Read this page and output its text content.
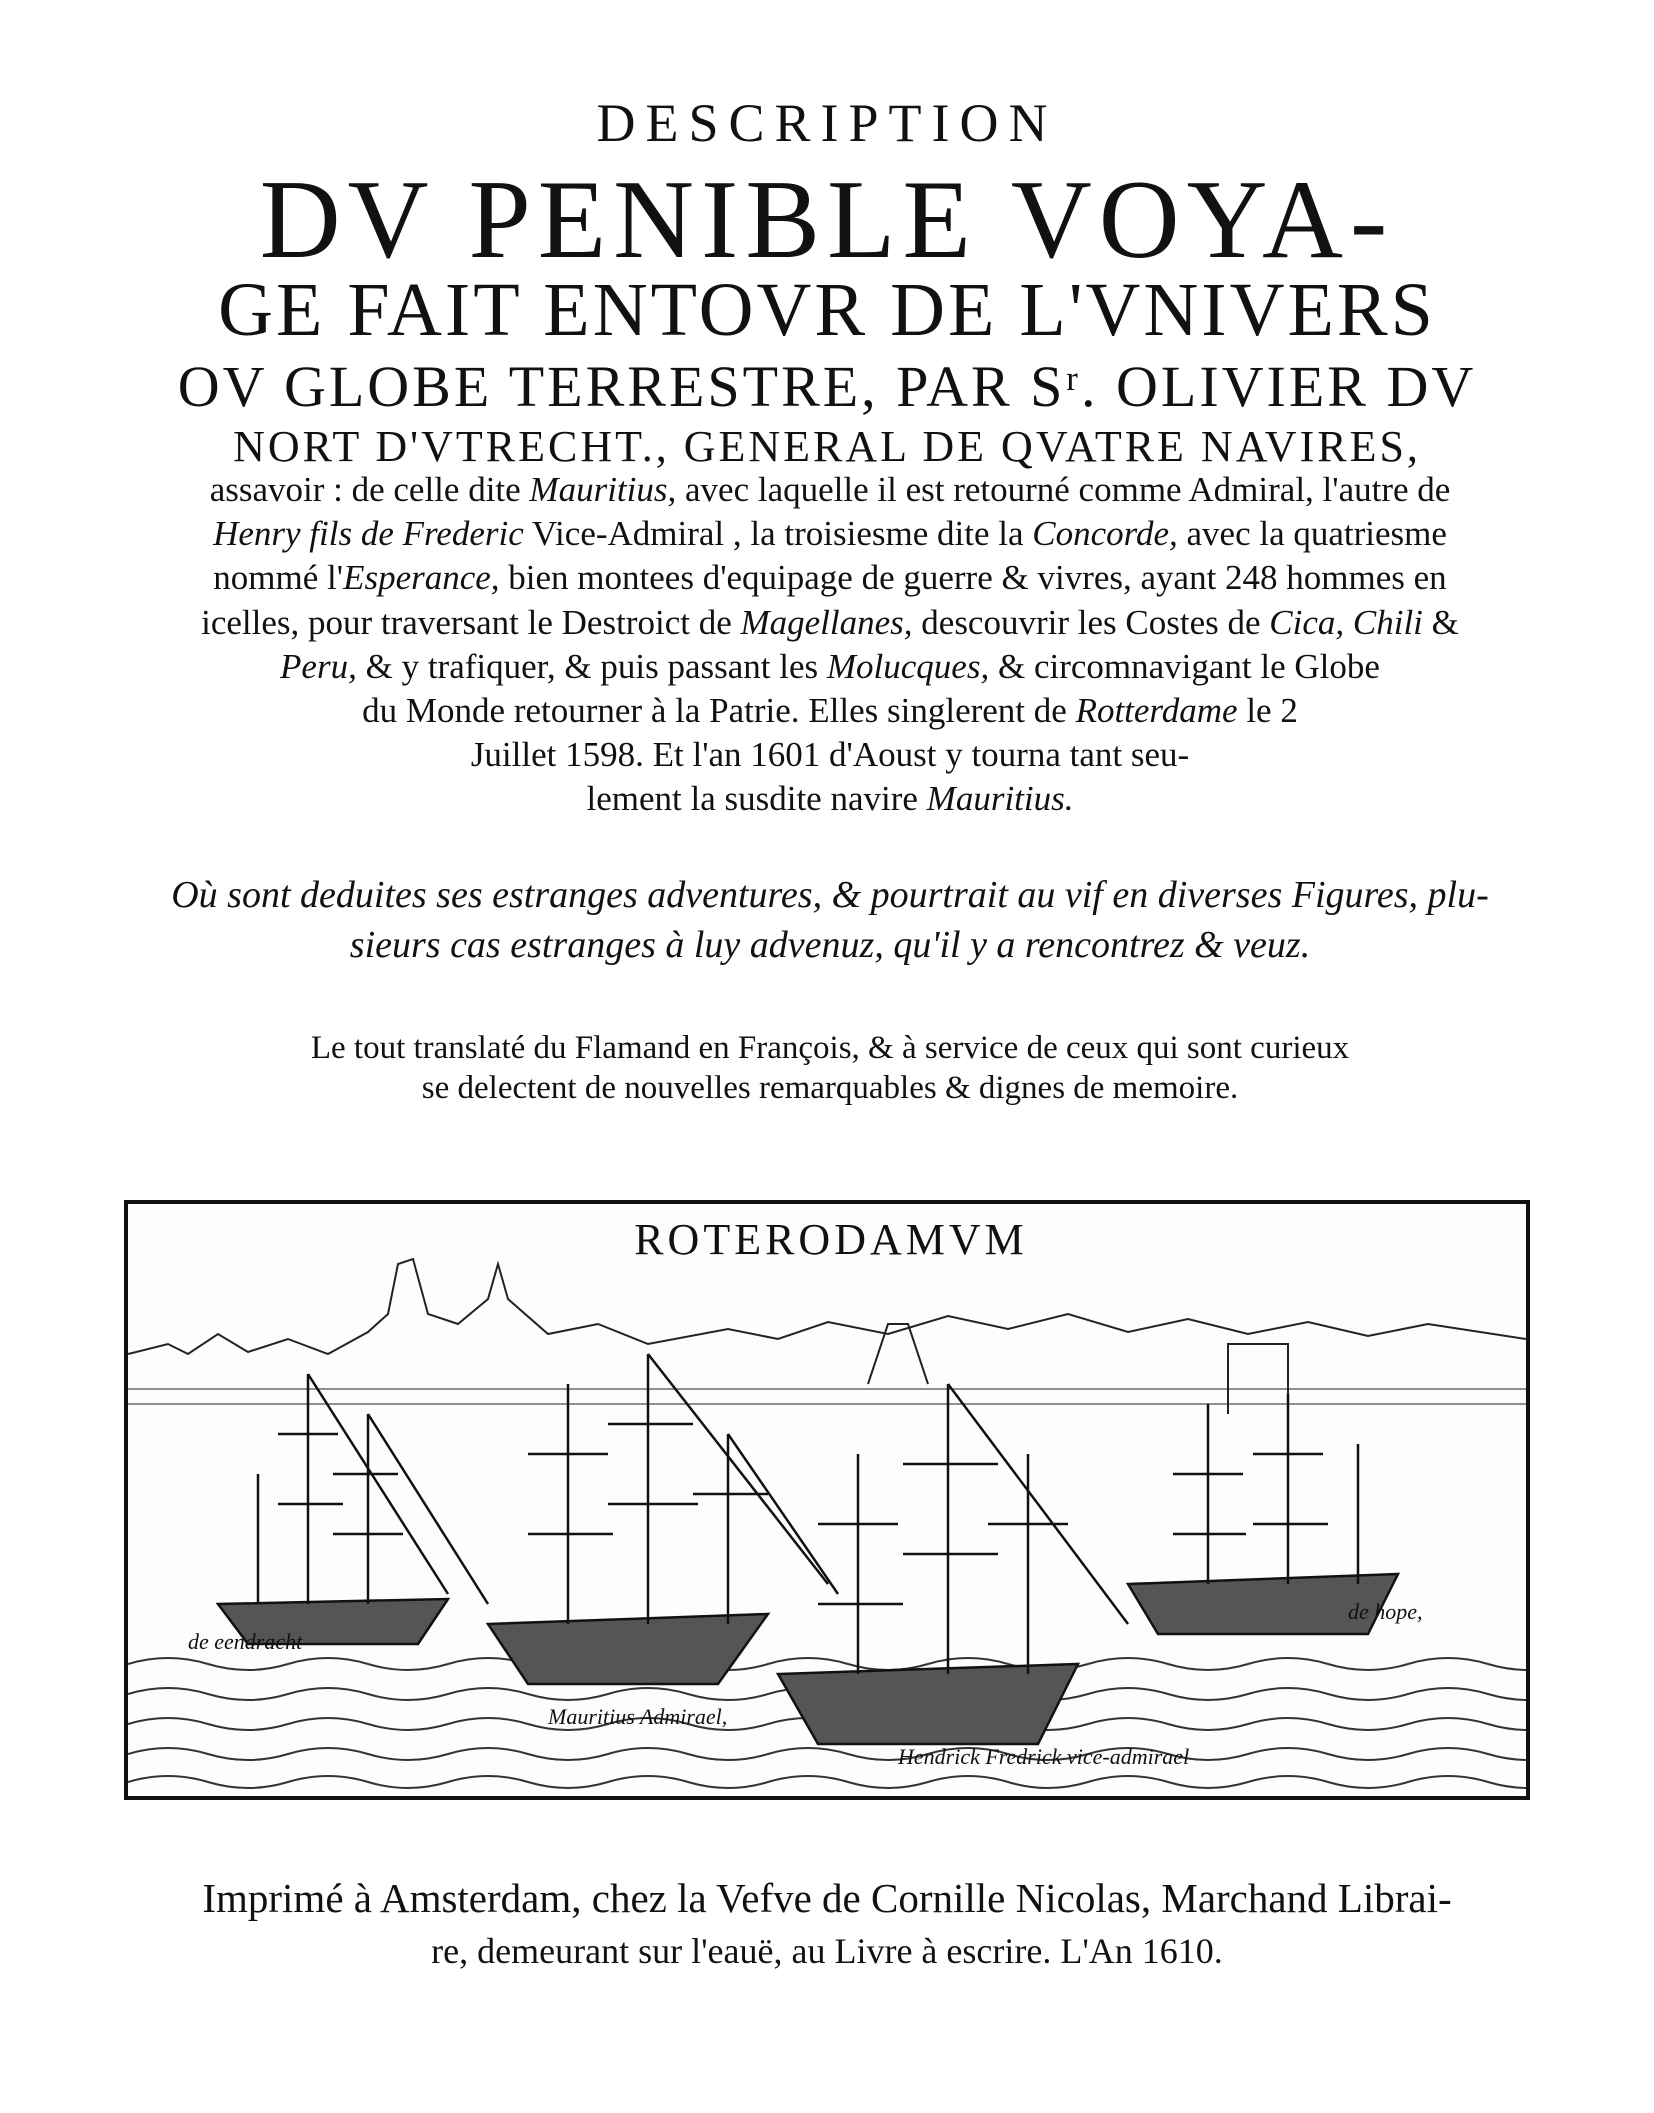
DESCRIPTION
DV PENIBLE VOYA-
GE FAIT ENTOVR DE L'VNIVERS
OV GLOBE TERRESTRE, PAR Sʳ. OLIVIER DV
NORT D'VTRECHT., GENERAL DE QVATRE NAVIRES,
assavoir : de celle dite Mauritius, avec laquelle il est retourné comme Admiral, l'autre de
Henry fils de Frederic Vice-Admiral , la troisiesme dite la Concorde, avec la quatriesme
nommé l'Esperance, bien montees d'equipage de guerre & vivres, ayant 248 hommes en
icelles, pour traversant le Destroict de Magellanes, descouvrir les Costes de Cica, Chili &
Peru, & y trafiquer, & puis passant les Molucques, & circomnavigant le Globe
du Monde retourner à la Patrie. Elles singlerent de Rotterdame le 2
Juillet 1598. Et l'an 1601 d'Aoust y tourna tant seu-
lement la susdite navire Mauritius.
Où sont deduites ses estranges adventures, & pourtrait au vif en diverses Figures, plu-
sieurs cas estranges à luy advenuz, qu'il y a rencontrez & veuz.
Le tout translaté du Flamand en François, & à service de ceux qui sont curieux
se delectent de nouvelles remarquables & dignes de memoire.
ROTERODAMVM
de eendracht
Mauritius Admirael,
Hendrick Fredrick vice-admirael
de hope,
Imprimé à Amsterdam, chez la Vefve de Cornille Nicolas, Marchand Librai-
re, demeurant sur l'eauë, au Livre à escrire. L'An 1610.
